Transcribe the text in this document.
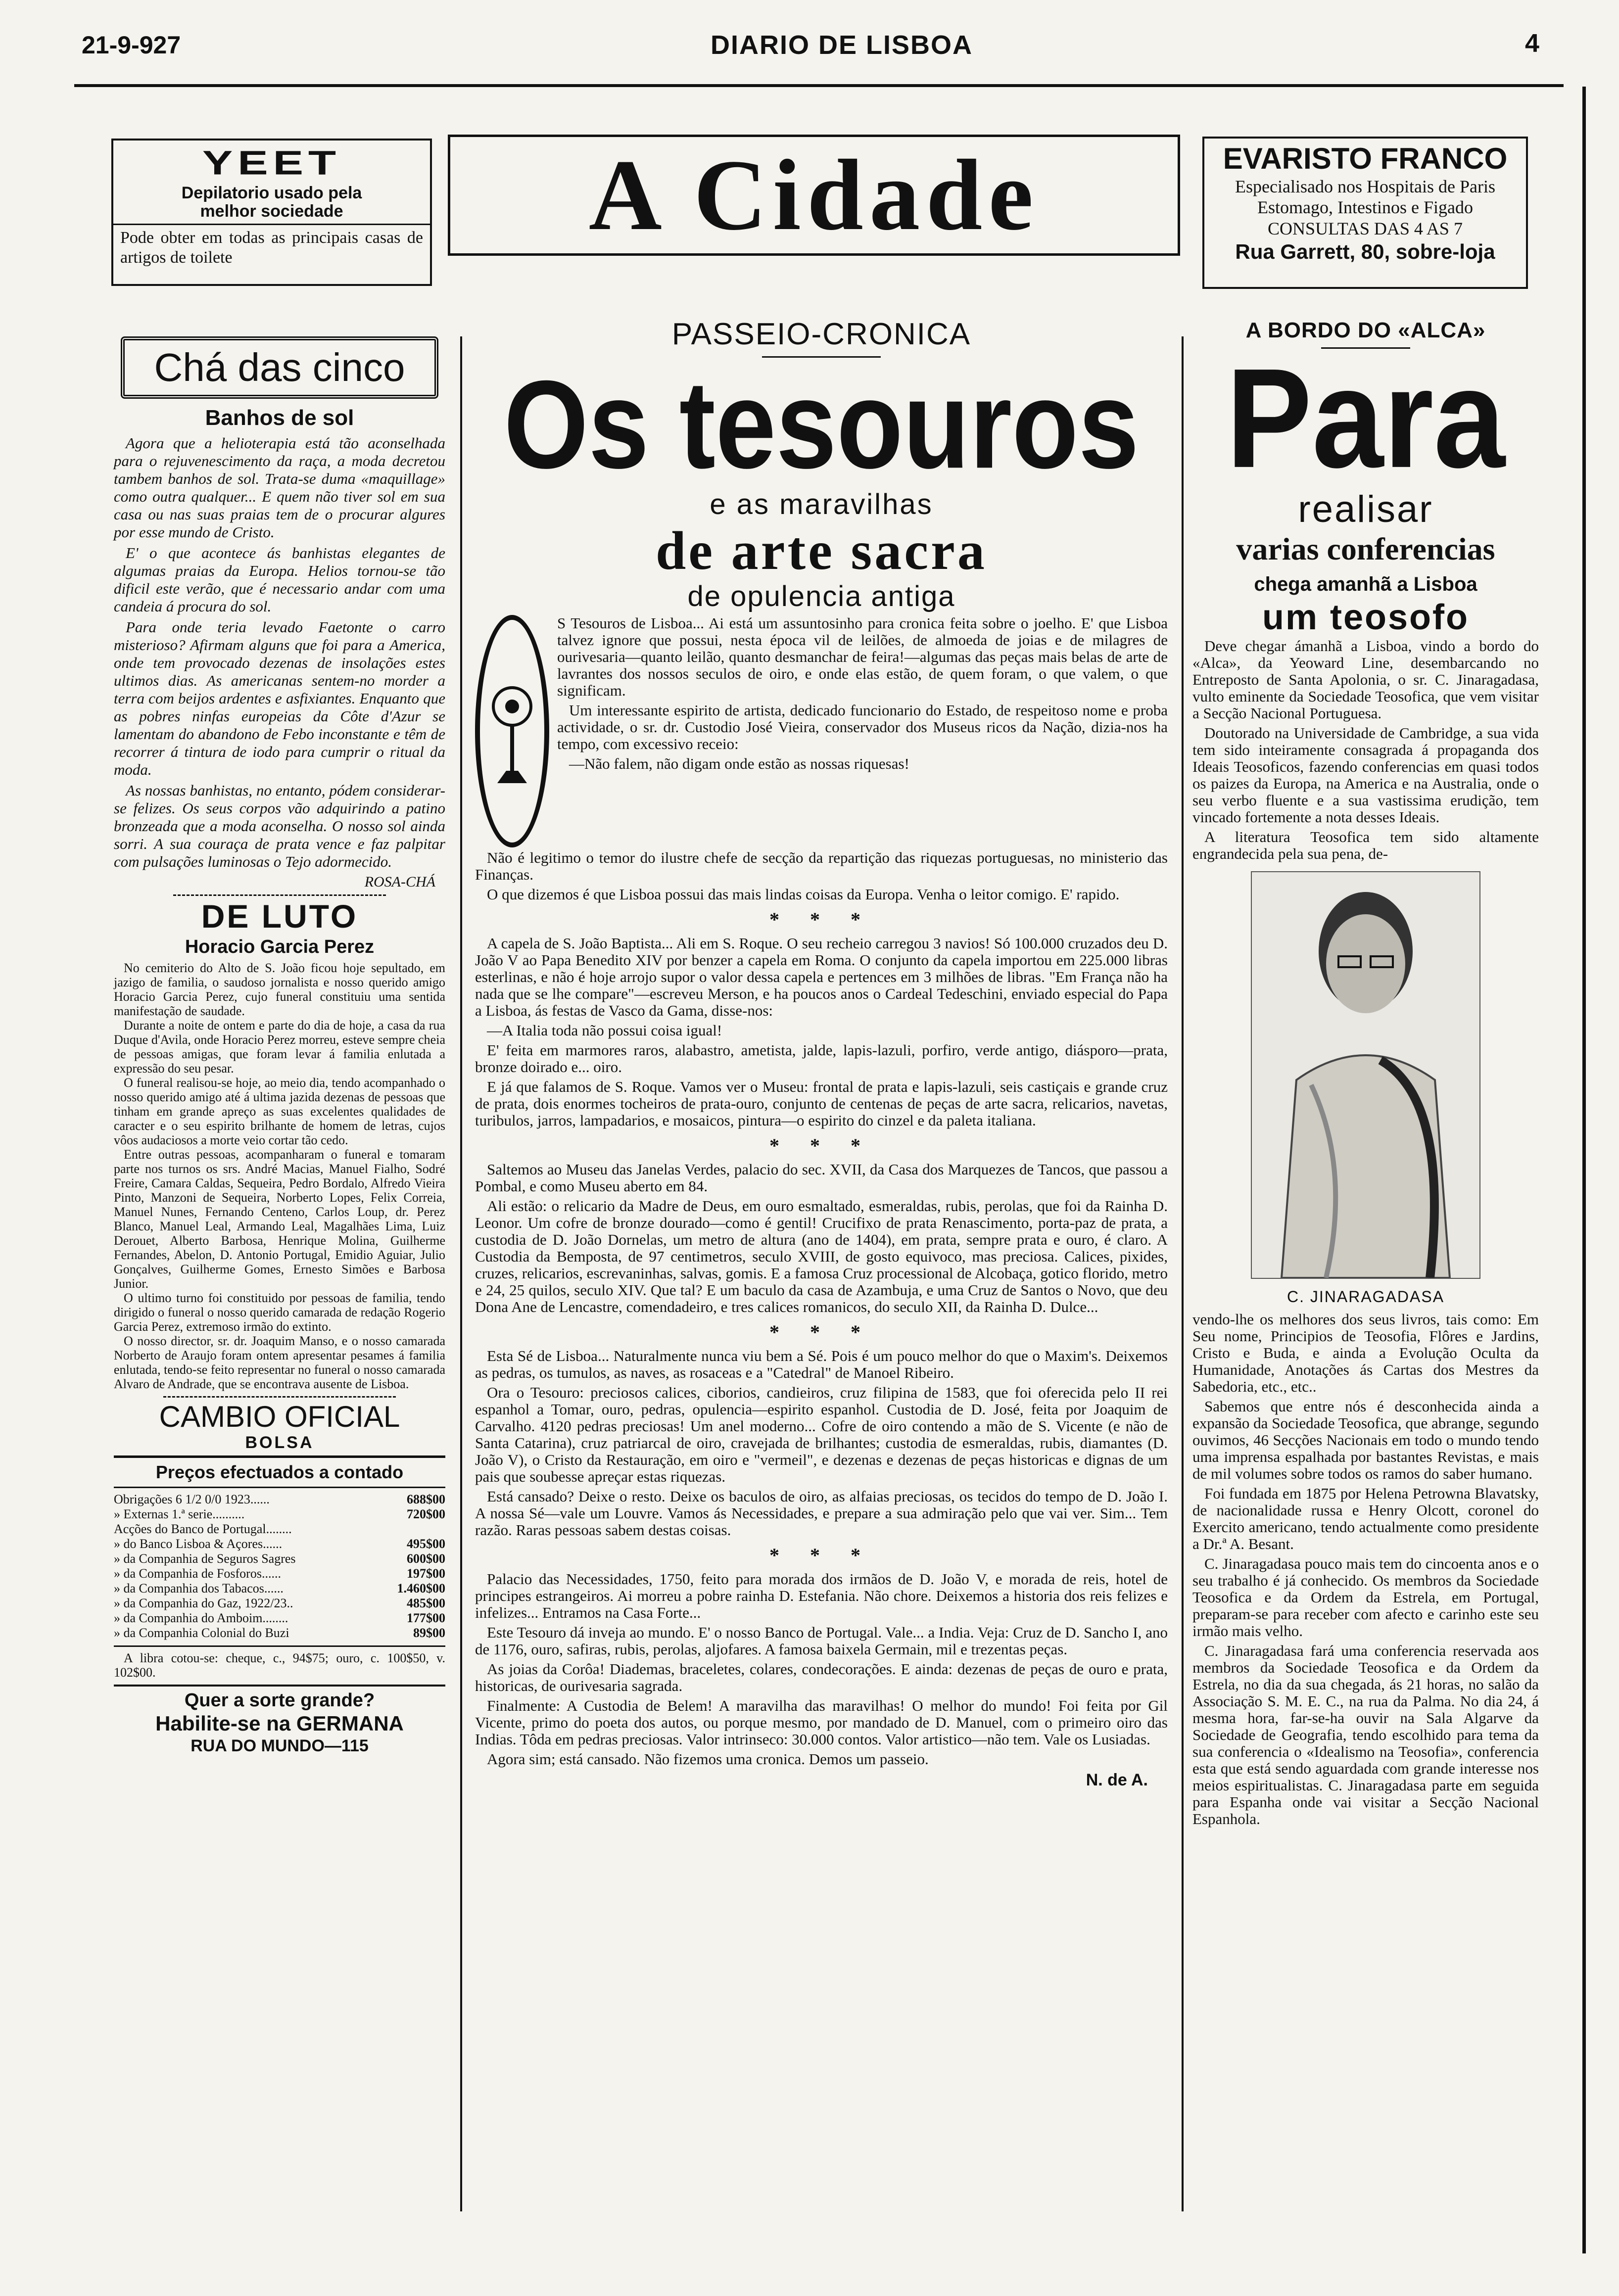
21-9-927	DIARIO DE LISBOA	4
YEET
Depilatorio usado pela
melhor sociedade
Pode obter em todas as principais casas de artigos de toilete
A Cidade	EVARISTO FRANCO
Especialisado nos Hospitais de Paris
Estomago, Intestinos e Figado
CONSULTAS DAS 4 AS 7
Rua Garrett, 80, sobre-loja
Chá das cinco
Banhos de sol

Agora que a helioterapia está tão aconselhada para o rejuvenescimento da raça, a moda decretou tambem banhos de sol. Trata-se duma «maquillage» como outra qualquer... E quem não tiver sol em sua casa ou nas suas praias tem de o procurar algures por esse mundo de Cristo.

E' o que acontece ás banhistas elegantes de algumas praias da Europa. Helios tornou-se tão dificil este verão, que é necessario andar com uma candeia á procura do sol.

Para onde teria levado Faetonte o carro misterioso? Afirmam alguns que foi para a America, onde tem provocado dezenas de insolações estes ultimos dias. As americanas sentem-no morder a terra com beijos ardentes e asfixiantes. Enquanto que as pobres ninfas europeias da Côte d'Azur se lamentam do abandono de Febo inconstante e têm de recorrer á tintura de iodo para cumprir o ritual da moda.

As nossas banhistas, no entanto, pódem considerar-se felizes. Os seus corpos vão adquirindo a patino bronzeada que a moda aconselha. O nosso sol ainda sorri. A sua couraça de prata vence e faz palpitar com pulsações luminosas o Tejo adormecido.

ROSA-CHÁ
DE LUTO
Horacio Garcia Perez

No cemiterio do Alto de S. João ficou hoje sepultado, em jazigo de familia, o saudoso jornalista e nosso querido amigo Horacio Garcia Perez, cujo funeral constituiu uma sentida manifestação de saudade.

Durante a noite de ontem e parte do dia de hoje, a casa da rua Duque d'Avila, onde Horacio Perez morreu, esteve sempre cheia de pessoas amigas, que foram levar á familia enlutada a expressão do seu pesar.

O funeral realisou-se hoje, ao meio dia, tendo acompanhado o nosso querido amigo até á ultima jazida dezenas de pessoas que tinham em grande apreço as suas excelentes qualidades de caracter e o seu espirito brilhante de homem de letras, cujos vôos audaciosos a morte veio cortar tão cedo.

Entre outras pessoas, acompanharam o funeral e tomaram parte nos turnos os srs. André Macias, Manuel Fialho, Sodré Freire, Camara Caldas, Sequeira, Pedro Bordalo, Alfredo Vieira Pinto, Manzoni de Sequeira, Norberto Lopes, Felix Correia, Manuel Nunes, Fernando Centeno, Carlos Loup, dr. Perez Blanco, Manuel Leal, Armando Leal, Magalhães Lima, Luiz Derouet, Alberto Barbosa, Henrique Molina, Guilherme Fernandes, Abelon, D. Antonio Portugal, Emidio Aguiar, Julio Gonçalves, Guilherme Gomes, Ernesto Simões e Barbosa Junior.

O ultimo turno foi constituido por pessoas de familia, tendo dirigido o funeral o nosso querido camarada de redação Rogerio Garcia Perez, extremoso irmão do extinto.

O nosso director, sr. dr. Joaquim Manso, e o nosso camarada Norberto de Araujo foram ontem apresentar pesames á familia enlutada, tendo-se feito representar no funeral o nosso camarada Alvaro de Andrade, que se encontrava ausente de Lisboa.

CAMBIO OFICIAL
BOLSA
Preços efectuados a contado
Obrigações 6 1/2 0/0 1923......	688$00
» Externas 1.ª serie..........	720$00
Acções do Banco de Portugal........	
» do Banco Lisboa & Açores......	495$00
» da Companhia de Seguros Sagres	600$00
» da Companhia de Fosforos......	197$00
» da Companhia dos Tabacos......	1.460$00
» da Companhia do Gaz, 1922/23..	485$00
» da Companhia do Amboim........	177$00
» da Companhia Colonial do Buzi	89$00

A libra cotou-se: cheque, c., 94$75; ouro, c. 100$50, v. 102$00.

Quer a sorte grande?
Habilite-se na GERMANA
RUA DO MUNDO—115
PASSEIO-CRONICA
Os tesouros
e as maravilhas
de arte sacra
de opulencia antiga

S Tesouros de Lisboa... Ai está um assuntosinho para cronica feita sobre o joelho. E' que Lisboa talvez ignore que possui, nesta época vil de leilões, de almoeda de joias e de milagres de ourivesaria—quanto leilão, quanto desmanchar de feira!—algumas das peças mais belas de arte de lavrantes dos nossos seculos de oiro, e onde elas estão, de quem foram, o que valem, o que significam.

Um interessante espirito de artista, dedicado funcionario do Estado, de respeitoso nome e proba actividade, o sr. dr. Custodio José Vieira, conservador dos Museus ricos da Nação, dizia-nos ha tempo, com excessivo receio:

—Não falem, não digam onde estão as nossas riquesas!

Não é legitimo o temor do ilustre chefe de secção da repartição das riquezas portuguesas, no ministerio das Finanças.

O que dizemos é que Lisboa possui das mais lindas coisas da Europa. Venha o leitor comigo. E' rapido.

* * *

A capela de S. João Baptista... Ali em S. Roque. O seu recheio carregou 3 navios! Só 100.000 cruzados deu D. João V ao Papa Benedito XIV por benzer a capela em Roma. O conjunto da capela importou em 225.000 libras esterlinas, e não é hoje arrojo supor o valor dessa capela e pertences em 3 milhões de libras. "Em França não ha nada que se lhe compare"—escreveu Merson, e ha poucos anos o Cardeal Tedeschini, enviado especial do Papa a Lisboa, ás festas de Vasco da Gama, disse-nos:

—A Italia toda não possui coisa igual!

E' feita em marmores raros, alabastro, ametista, jalde, lapis-lazuli, porfiro, verde antigo, diásporo—prata, bronze doirado e... oiro.

E já que falamos de S. Roque. Vamos ver o Museu: frontal de prata e lapis-lazuli, seis castiçais e grande cruz de prata, dois enormes tocheiros de prata-ouro, conjunto de centenas de peças de arte sacra, relicarios, navetas, turibulos, jarros, lampadarios, e mosaicos, pintura—o espirito do cinzel e da paleta italiana.

* * *

Saltemos ao Museu das Janelas Verdes, palacio do sec. XVII, da Casa dos Marquezes de Tancos, que passou a Pombal, e como Museu aberto em 84.

Ali estão: o relicario da Madre de Deus, em ouro esmaltado, esmeraldas, rubis, perolas, que foi da Rainha D. Leonor. Um cofre de bronze dourado—como é gentil! Crucifixo de prata Renascimento, porta-paz de prata, a custodia de D. João Dornelas, um metro de altura (ano de 1404), em prata, sempre prata e ouro, é claro. A Custodia da Bemposta, de 97 centimetros, seculo XVIII, de gosto equivoco, mas preciosa. Calices, pixides, cruzes, relicarios, escrevaninhas, salvas, gomis. E a famosa Cruz processional de Alcobaça, gotico florido, metro e 24, 25 quilos, seculo XIV. Que tal? E um baculo da casa de Azambuja, e uma Cruz de Santos o Novo, que deu Dona Ane de Lencastre, comendadeiro, e tres calices romanicos, do seculo XII, da Rainha D. Dulce...

* * *

Esta Sé de Lisboa... Naturalmente nunca viu bem a Sé. Pois é um pouco melhor do que o Maxim's. Deixemos as pedras, os tumulos, as naves, as rosaceas e a "Catedral" de Manoel Ribeiro.

Ora o Tesouro: preciosos calices, ciborios, candieiros, cruz filipina de 1583, que foi oferecida pelo II rei espanhol a Tomar, ouro, pedras, opulencia—espirito espanhol. Custodia de D. José, feita por Joaquim de Carvalho. 4120 pedras preciosas! Um anel moderno... Cofre de oiro contendo a mão de S. Vicente (e não de Santa Catarina), cruz patriarcal de oiro, cravejada de brilhantes; custodia de esmeraldas, rubis, diamantes (D. João V), o Cristo da Restauração, em oiro e "vermeil", e dezenas e dezenas de peças historicas e dignas de um pais que soubesse apreçar estas riquezas.

Está cansado? Deixe o resto. Deixe os baculos de oiro, as alfaias preciosas, os tecidos do tempo de D. João I. A nossa Sé—vale um Louvre. Vamos ás Necessidades, e prepare a sua admiração pelo que vai ver. Sim... Tem razão. Raras pessoas sabem destas coisas.

* * *

Palacio das Necessidades, 1750, feito para morada dos irmãos de D. João V, e morada de reis, hotel de principes estrangeiros. Ai morreu a pobre rainha D. Estefania. Não chore. Deixemos a historia dos reis felizes e infelizes... Entramos na Casa Forte...

Este Tesouro dá inveja ao mundo. E' o nosso Banco de Portugal. Vale... a India. Veja: Cruz de D. Sancho I, ano de 1176, ouro, safiras, rubis, perolas, aljofares. A famosa baixela Germain, mil e trezentas peças.

As joias da Corôa! Diademas, braceletes, colares, condecorações. E ainda: dezenas de peças de ouro e prata, historicas, de ourivesaria sagrada.

Finalmente: A Custodia de Belem! A maravilha das maravilhas! O melhor do mundo! Foi feita por Gil Vicente, primo do poeta dos autos, ou porque mesmo, por mandado de D. Manuel, com o primeiro oiro das Indias. Tôda em pedras preciosas. Valor intrinseco: 30.000 contos. Valor artistico—não tem. Vale os Lusiadas.

Agora sim; está cansado. Não fizemos uma cronica. Demos um passeio.

N. de A.
A BORDO DO «ALCA»
Para
realisar
varias conferencias
chega amanhã a Lisboa
um teosofo

Deve chegar ámanhã a Lisboa, vindo a bordo do «Alca», da Yeoward Line, desembarcando no Entreposto de Santa Apolonia, o sr. C. Jinaragadasa, vulto eminente da Sociedade Teosofica, que vem visitar a Secção Nacional Portuguesa.

Doutorado na Universidade de Cambridge, a sua vida tem sido inteiramente consagrada á propaganda dos Ideais Teosoficos, fazendo conferencias em quasi todos os paizes da Europa, na America e na Australia, onde o seu verbo fluente e a sua vastissima erudição, tem vincado fortemente a nota desses Ideais.

A literatura Teosofica tem sido altamente engrandecida pela sua pena, de-

C. JINARAGADASA

vendo-lhe os melhores dos seus livros, tais como: Em Seu nome, Principios de Teosofia, Flôres e Jardins, Cristo e Buda, e ainda a Evolução Oculta da Humanidade, Anotações ás Cartas dos Mestres da Sabedoria, etc., etc..

Sabemos que entre nós é desconhecida ainda a expansão da Sociedade Teosofica, que abrange, segundo ouvimos, 46 Secções Nacionais em todo o mundo tendo uma imprensa espalhada por bastantes Revistas, e mais de mil volumes sobre todos os ramos do saber humano.

Foi fundada em 1875 por Helena Petrowna Blavatsky, de nacionalidade russa e Henry Olcott, coronel do Exercito americano, tendo actualmente como presidente a Dr.ª A. Besant.

C. Jinaragadasa pouco mais tem do cincoenta anos e o seu trabalho é já conhecido. Os membros da Sociedade Teosofica e da Ordem da Estrela, em Portugal, preparam-se para receber com afecto e carinho este seu irmão mais velho.

C. Jinaragadasa fará uma conferencia reservada aos membros da Sociedade Teosofica e da Ordem da Estrela, no dia da sua chegada, ás 21 horas, no salão da Associação S. M. E. C., na rua da Palma. No dia 24, á mesma hora, far-se-ha ouvir na Sala Algarve da Sociedade de Geografia, tendo escolhido para tema da sua conferencia o «Idealismo na Teosofia», conferencia esta que está sendo aguardada com grande interesse nos meios espiritualistas. C. Jinaragadasa parte em seguida para Espanha onde vai visitar a Secção Nacional Espanhola.
